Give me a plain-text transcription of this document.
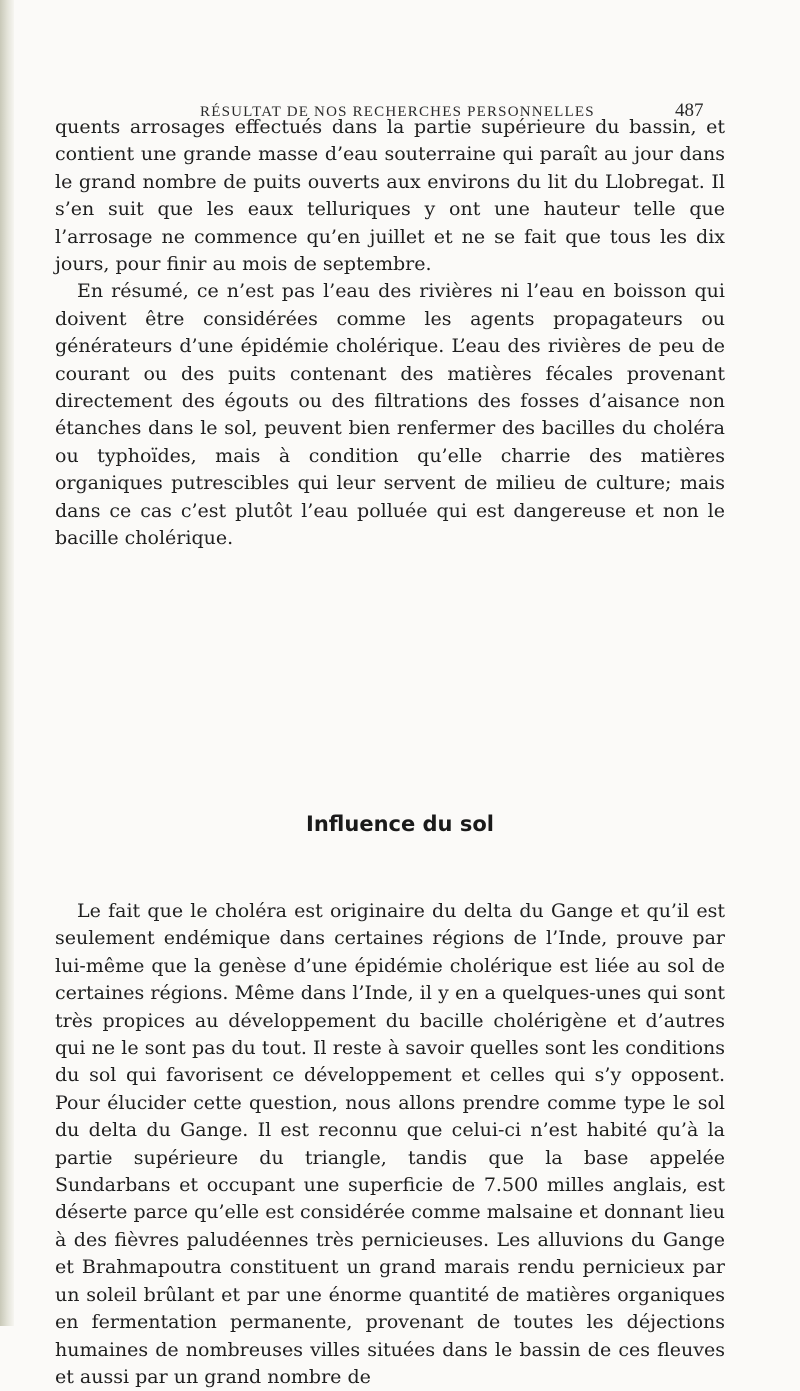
RÉSULTAT DE NOS RECHERCHES PERSONNELLES	487

quents arrosages effectués dans la partie supérieure du bassin, et contient une grande masse d’eau souterraine qui paraît au jour dans le grand nombre de puits ouverts aux environs du lit du Llobregat. Il s’en suit que les eaux telluriques y ont une hauteur telle que l’arrosage ne commence qu’en juillet et ne se fait que tous les dix jours, pour finir au mois de septembre.

En résumé, ce n’est pas l’eau des rivières ni l’eau en boisson qui doivent être considérées comme les agents propagateurs ou générateurs d’une épidémie cholérique. L’eau des rivières de peu de courant ou des puits contenant des matières fécales provenant directement des égouts ou des filtrations des fosses d’aisance non étanches dans le sol, peuvent bien renfermer des bacilles du choléra ou typhoïdes, mais à condition qu’elle charrie des matières organiques putrescibles qui leur servent de milieu de culture; mais dans ce cas c’est plutôt l’eau polluée qui est dangereuse et non le bacille cholérique.

Influence du sol

Le fait que le choléra est originaire du delta du Gange et qu’il est seulement endémique dans certaines régions de l’Inde, prouve par lui-même que la genèse d’une épidémie cholérique est liée au sol de certaines régions. Même dans l’Inde, il y en a quelques-unes qui sont très propices au développement du bacille cholérigène et d’autres qui ne le sont pas du tout. Il reste à savoir quelles sont les conditions du sol qui favorisent ce développement et celles qui s’y opposent. Pour élucider cette question, nous allons prendre comme type le sol du delta du Gange. Il est reconnu que celui-ci n’est habité qu’à la partie supérieure du triangle, tandis que la base appelée Sundarbans et occupant une superficie de 7.500 milles anglais, est déserte parce qu’elle est considérée comme malsaine et donnant lieu à des fièvres paludéennes très pernicieuses. Les alluvions du Gange et Brahmapoutra constituent un grand marais rendu pernicieux par un soleil brûlant et par une énorme quantité de matières organiques en fermentation permanente, provenant de toutes les déjections humaines de nombreuses villes situées dans le bassin de ces fleuves et aussi par un grand nombre de
